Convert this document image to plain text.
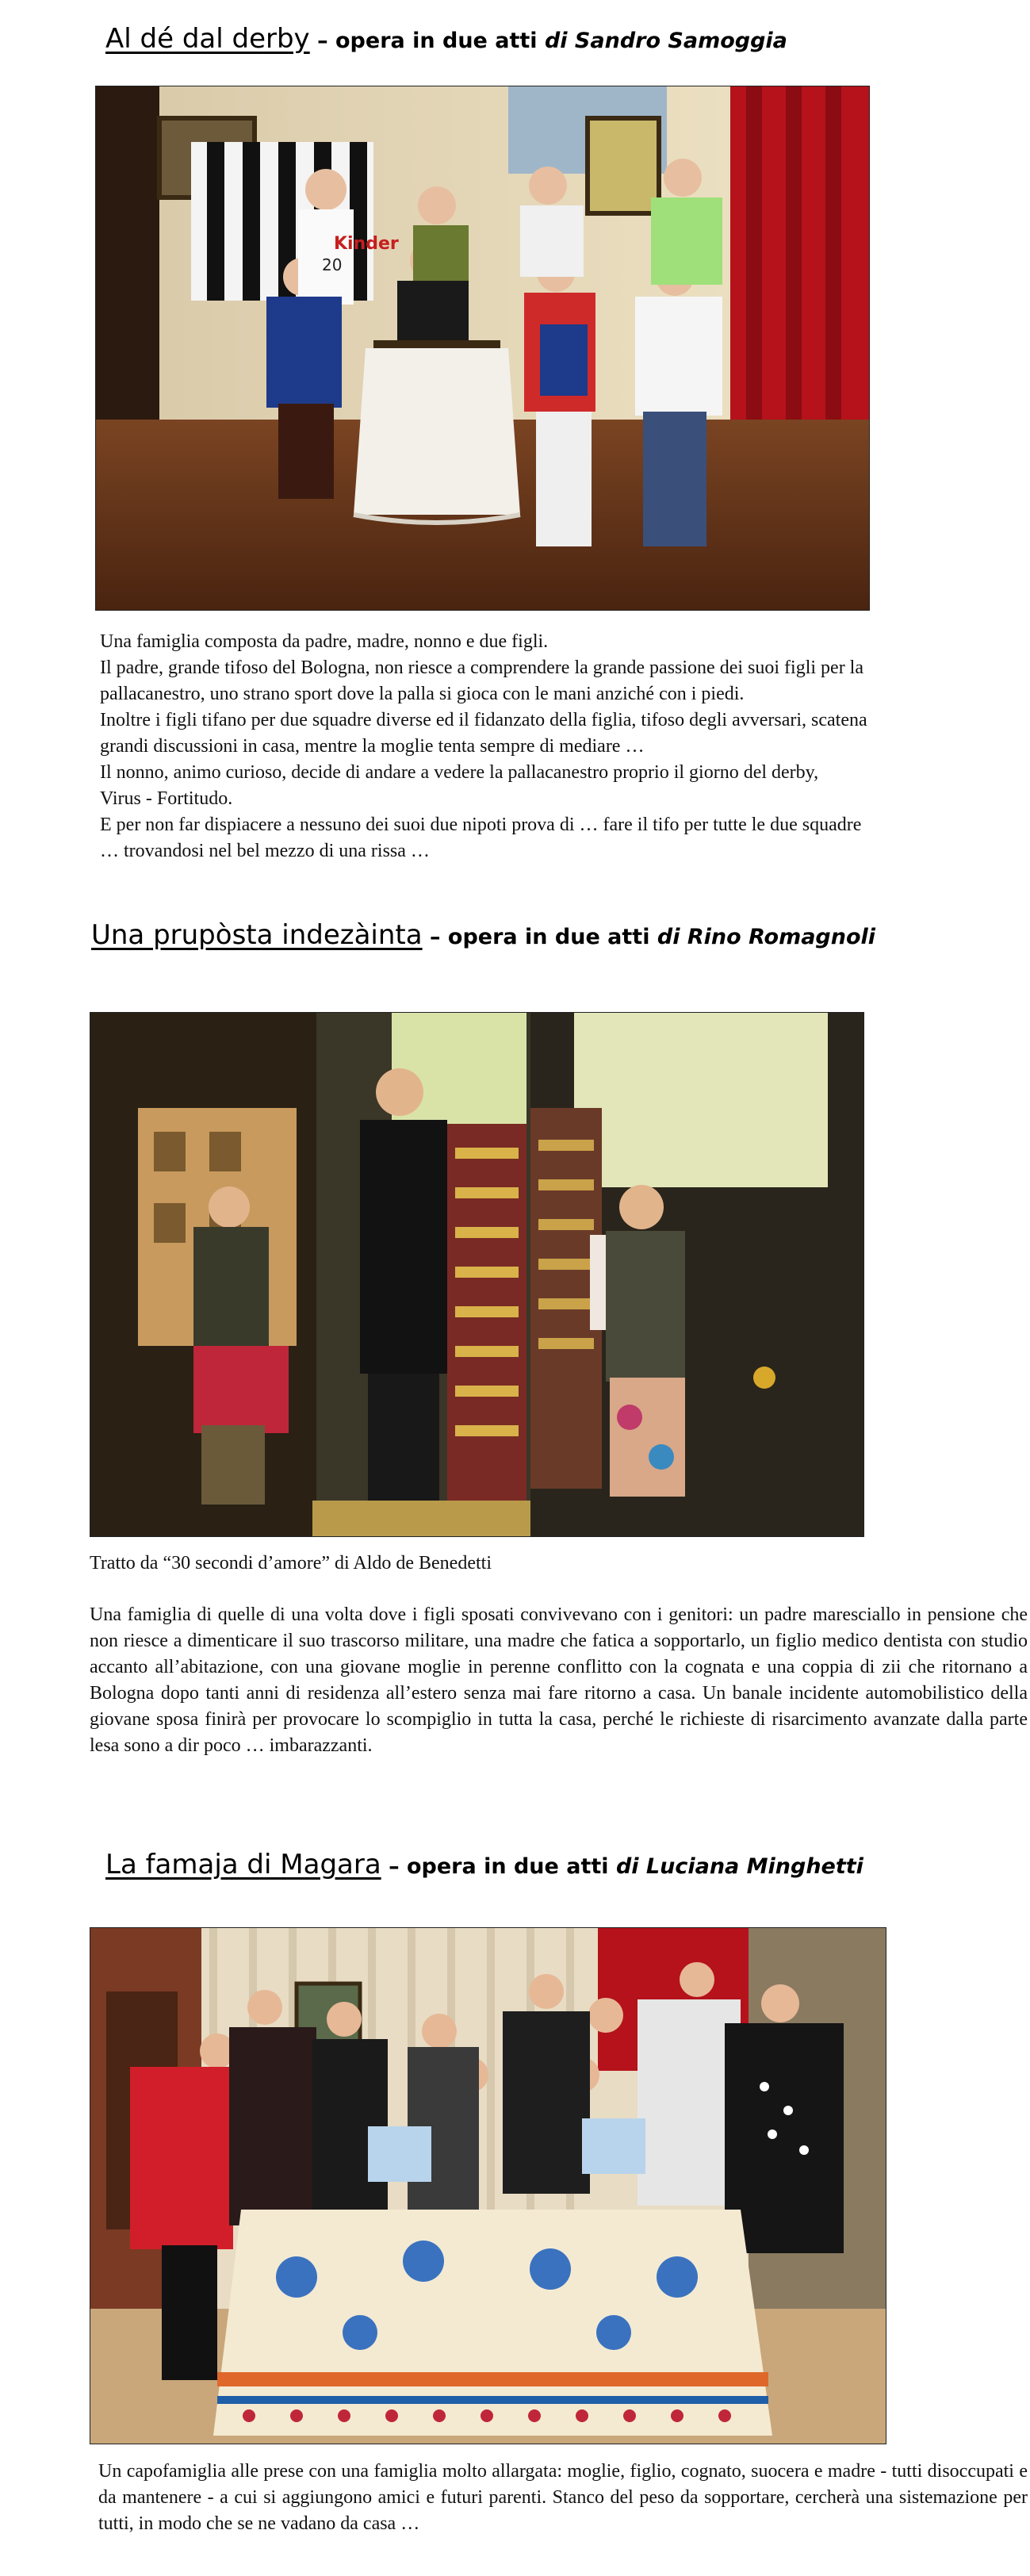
Al dé dal derby – opera in due atti di Sandro Samoggia
Kinder
20

Una famiglia composta da padre, madre, nonno e due figli.

Il padre, grande tifoso del Bologna, non riesce a comprendere la grande passione dei suoi figli per la

pallacanestro, uno strano sport dove la palla si gioca con le mani anziché con i piedi.

Inoltre i figli tifano per due squadre diverse ed il fidanzato della figlia, tifoso degli avversari, scatena

grandi discussioni in casa, mentre la moglie tenta sempre di mediare …

Il nonno, animo curioso, decide di andare a vedere la pallacanestro proprio il giorno del derby,

Virus - Fortitudo.

E per non far dispiacere a nessuno dei suoi due nipoti prova di … fare il tifo per tutte le due squadre

… trovandosi nel bel mezzo di una rissa …

Una prupòsta indezàinta – opera in due atti di Rino Romagnoli

Tratto da “30 secondi d’amore” di Aldo de Benedetti

Una famiglia di quelle di una volta dove i figli sposati convivevano con i genitori: un padre maresciallo in pensione che non riesce a dimenticare il suo trascorso militare, una madre che fatica a sopportarlo, un figlio medico dentista con studio accanto all’abitazione, con una giovane moglie in perenne conflitto con la cognata e una coppia di zii che ritornano a Bologna dopo tanti anni di residenza all’estero senza mai fare ritorno a casa. Un banale incidente automobilistico della giovane sposa finirà per provocare lo scompiglio in tutta la casa, perché le richieste di risarcimento avanzate dalla parte lesa sono a dir poco … imbarazzanti.

La famaja di Magara – opera in due atti di Luciana Minghetti

Un capofamiglia alle prese con una famiglia molto allargata: moglie, figlio, cognato, suocera e madre - tutti disoccupati e da mantenere - a cui si aggiungono amici e futuri parenti. Stanco del peso da sopportare, cercherà una sistemazione per tutti, in modo che se ne vadano da casa …
